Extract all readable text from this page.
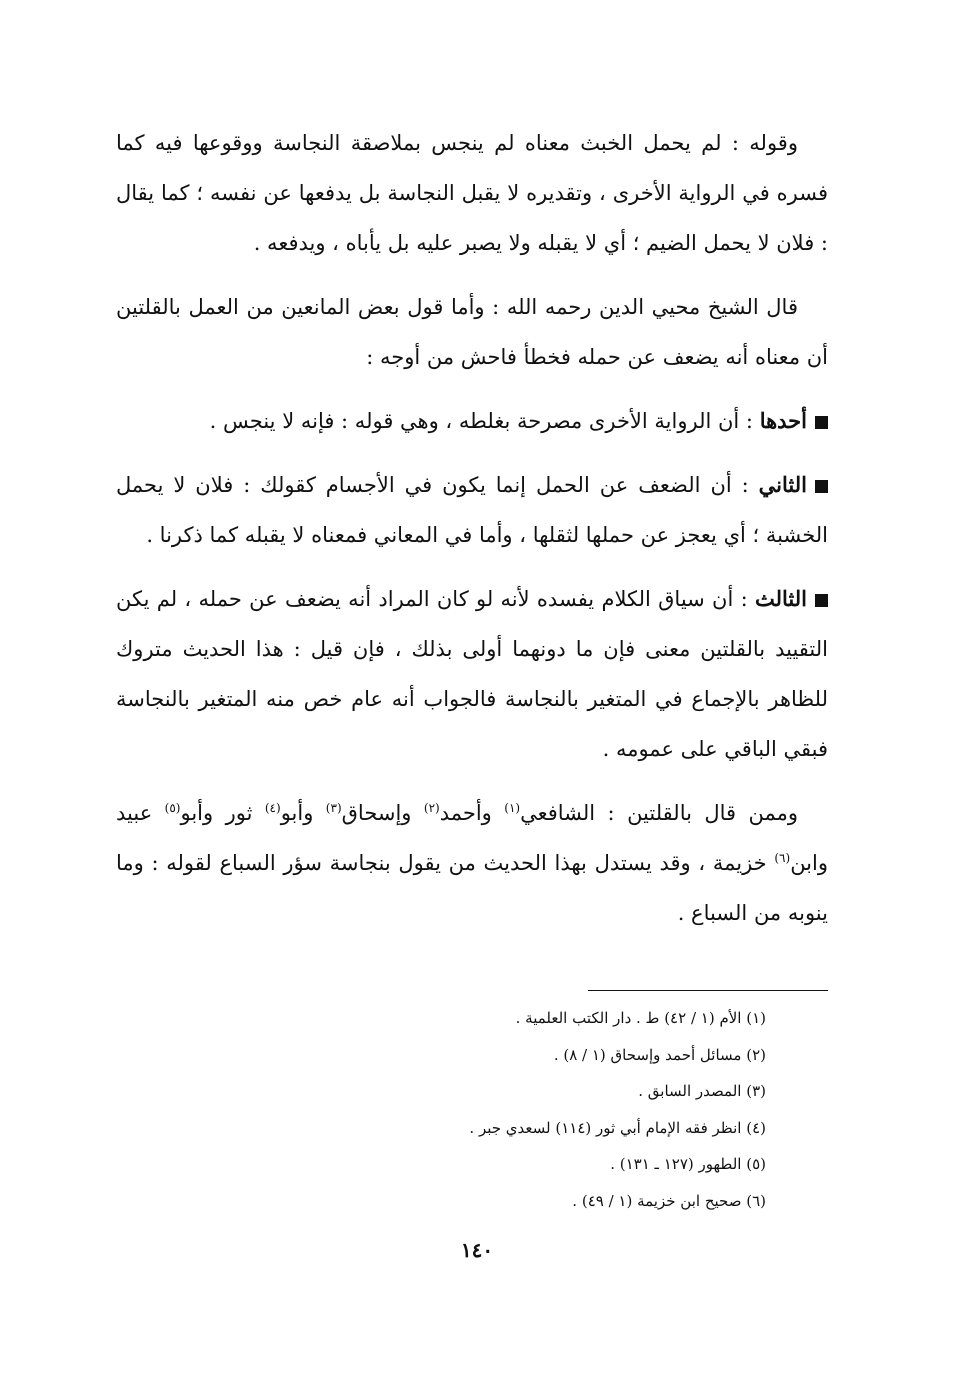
وقوله : لم يحمل الخبث معناه لم ينجس بملاصقة النجاسة ووقوعها فيه كما فسره في الرواية الأخرى ، وتقديره لا يقبل النجاسة بل يدفعها عن نفسه ؛ كما يقال : فلان لا يحمل الضيم ؛ أي لا يقبله ولا يصبر عليه بل يأباه ، ويدفعه .

قال الشيخ محيي الدين رحمه الله : وأما قول بعض المانعين من العمل بالقلتين أن معناه أنه يضعف عن حمله فخطأ فاحش من أوجه :

أحدها : أن الرواية الأخرى مصرحة بغلطه ، وهي قوله : فإنه لا ينجس .

الثاني : أن الضعف عن الحمل إنما يكون في الأجسام كقولك : فلان لا يحمل الخشبة ؛ أي يعجز عن حملها لثقلها ، وأما في المعاني فمعناه لا يقبله كما ذكرنا .

الثالث : أن سياق الكلام يفسده لأنه لو كان المراد أنه يضعف عن حمله ، لم يكن التقييد بالقلتين معنى فإن ما دونهما أولى بذلك ، فإن قيل : هذا الحديث متروك للظاهر بالإجماع في المتغير بالنجاسة فالجواب أنه عام خص منه المتغير بالنجاسة فبقي الباقي على عمومه .

وممن قال بالقلتين : الشافعي$^{(١)}$ وأحمد$^{(٢)}$ وإسحاق$^{(٣)}$ وأبو$^{(٤)}$ ثور وأبو$^{(٥)}$ عبيد وابن$^{(٦)}$ خزيمة ، وقد يستدل بهذا الحديث من يقول بنجاسة سؤر السباع لقوله : وما ينوبه من السباع .

(١) الأم (١ / ٤٢) ط . دار الكتب العلمية .
(٢) مسائل أحمد وإسحاق (١ / ٨) .
(٣) المصدر السابق .
(٤) انظر فقه الإمام أبي ثور (١١٤) لسعدي جبر .
(٥) الطهور (١٢٧ ـ ١٣١) .
(٦) صحيح ابن خزيمة (١ / ٤٩) .
١٤٠
